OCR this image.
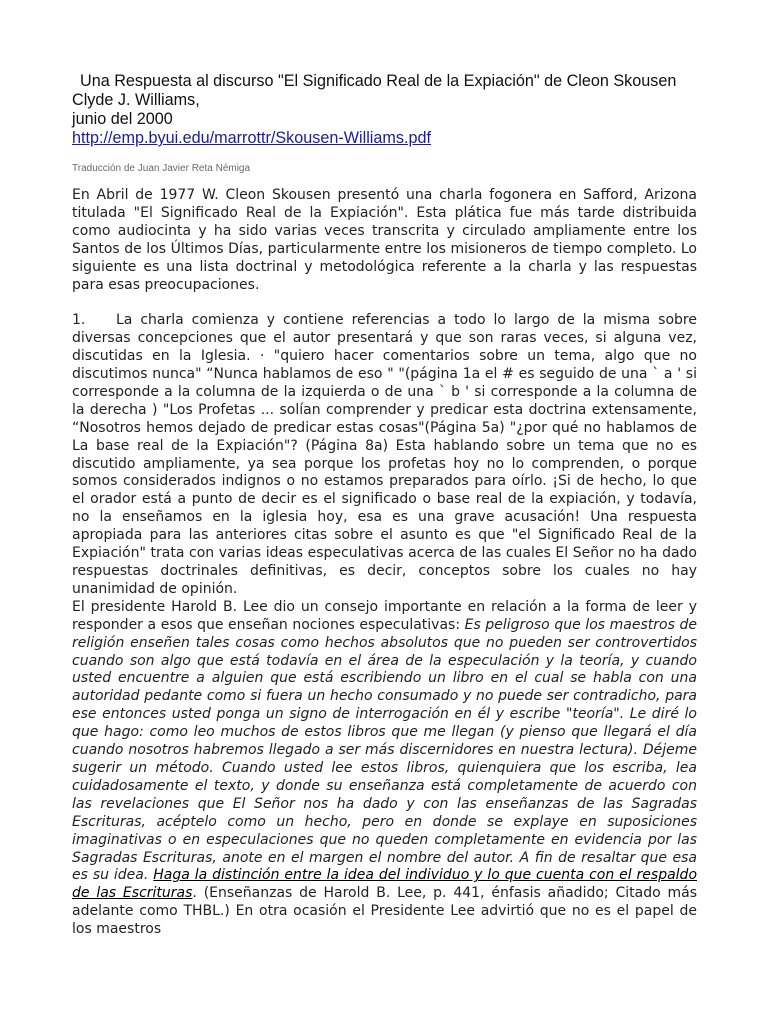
Una Respuesta al discurso "El Significado Real de la Expiación" de Cleon Skousen
Clyde J. Williams,
junio del 2000
http://emp.byui.edu/marrottr/Skousen-Williams.pdf
Traducción de Juan Javier Reta Némiga

En Abril de 1977 W. Cleon Skousen presentó una charla fogonera en Safford, Arizona titulada "El Significado Real de la Expiación". Esta plática fue más tarde distribuida como audiocinta y ha sido varias veces transcrita y circulado ampliamente entre los Santos de los Últimos Días, particularmente entre los misioneros de tiempo completo. Lo siguiente es una lista doctrinal y metodológica referente a la charla y las respuestas para esas preocupaciones.

1. La charla comienza y contiene referencias a todo lo largo de la misma sobre diversas concepciones que el autor presentará y que son raras veces, si alguna vez, discutidas en la Iglesia. · "quiero hacer comentarios sobre un tema, algo que no discutimos nunca" “Nunca hablamos de eso " "(página 1a el # es seguido de una ` a ' si corresponde a la columna de la izquierda o de una ` b ' si corresponde a la columna de la derecha ) "Los Profetas ... solían comprender y predicar esta doctrina extensamente, “Nosotros hemos dejado de predicar estas cosas"(Página 5a) "¿por qué no hablamos de La base real de la Expiación"? (Página 8a) Esta hablando sobre un tema que no es discutido ampliamente, ya sea porque los profetas hoy no lo comprenden, o porque somos considerados indignos o no estamos preparados para oírlo. ¡Si de hecho, lo que el orador está a punto de decir es el significado o base real de la expiación, y todavía, no la enseñamos en la iglesia hoy, esa es una grave acusación! Una respuesta apropiada para las anteriores citas sobre el asunto es que "el Significado Real de la Expiación" trata con varias ideas especulativas acerca de las cuales El Señor no ha dado respuestas doctrinales definitivas, es decir, conceptos sobre los cuales no hay unanimidad de opinión.

El presidente Harold B. Lee dio un consejo importante en relación a la forma de leer y responder a esos que enseñan nociones especulativas: Es peligroso que los maestros de religión enseñen tales cosas como hechos absolutos que no pueden ser controvertidos cuando son algo que está todavía en el área de la especulación y la teoría, y cuando usted encuentre a alguien que está escribiendo un libro en el cual se habla con una autoridad pedante como si fuera un hecho consumado y no puede ser contradicho, para ese entonces usted ponga un signo de interrogación en él y escribe "teoría". Le diré lo que hago: como leo muchos de estos libros que me llegan (y pienso que llegará el día cuando nosotros habremos llegado a ser más discernidores en nuestra lectura). Déjeme sugerir un método. Cuando usted lee estos libros, quienquiera que los escriba, lea cuidadosamente el texto, y donde su enseñanza está completamente de acuerdo con las revelaciones que El Señor nos ha dado y con las enseñanzas de las Sagradas Escrituras, acéptelo como un hecho, pero en donde se explaye en suposiciones imaginativas o en especulaciones que no queden completamente en evidencia por las Sagradas Escrituras, anote en el margen el nombre del autor. A fin de resaltar que esa es su idea. Haga la distinción entre la idea del individuo y lo que cuenta con el respaldo de las Escrituras. (Enseñanzas de Harold B. Lee, p. 441, énfasis añadido; Citado más adelante como THBL.) En otra ocasión el Presidente Lee advirtió que no es el papel de los maestros
